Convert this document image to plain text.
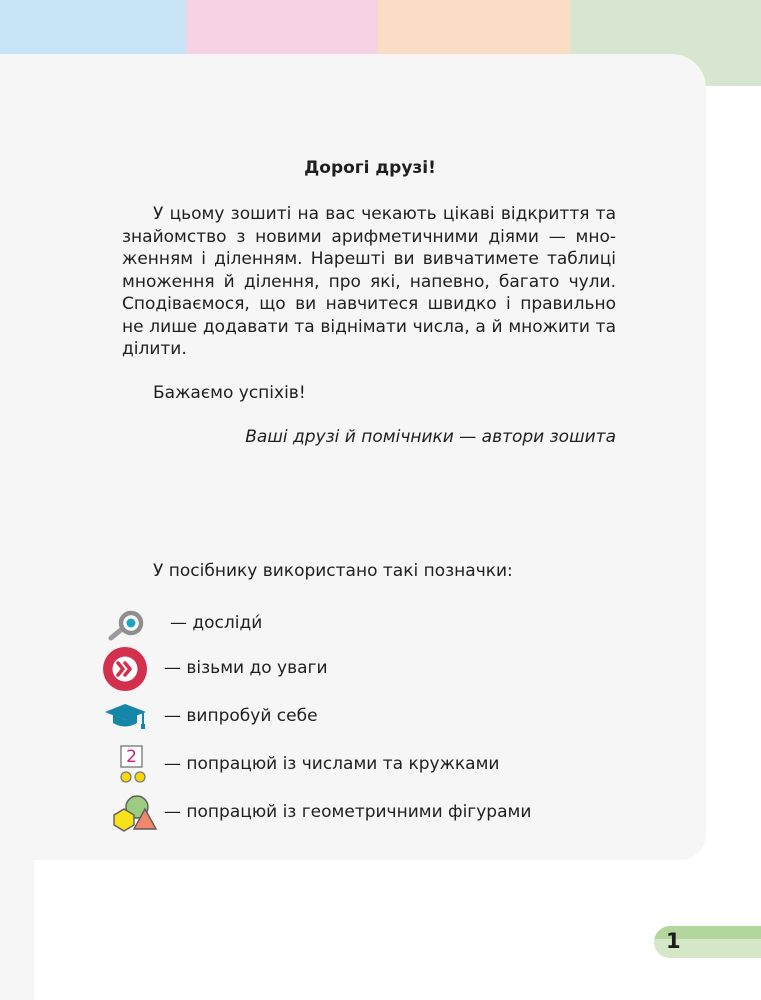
Дорогі друзі!

У цьому зошиті на вас чекають цікаві відкриття та знайомство з новими арифметичними діями — множенням і діленням. Нарешті ви вивчатимете таблиці множення й ділення, про які, напевно, багато чули. Сподіваємося, що ви навчитеся швидко і правильно не лише додавати та віднімати числа, а й множити та ділити.

Бажаємо успіхів!
Ваші друзі й помічники — автори зошита
У посібнику використано такі позначки:
— досліди́
— візьми до уваги
— випробуй себе
2 — попрацюй із числами та кружками
— попрацюй із геометричними фігурами
1
